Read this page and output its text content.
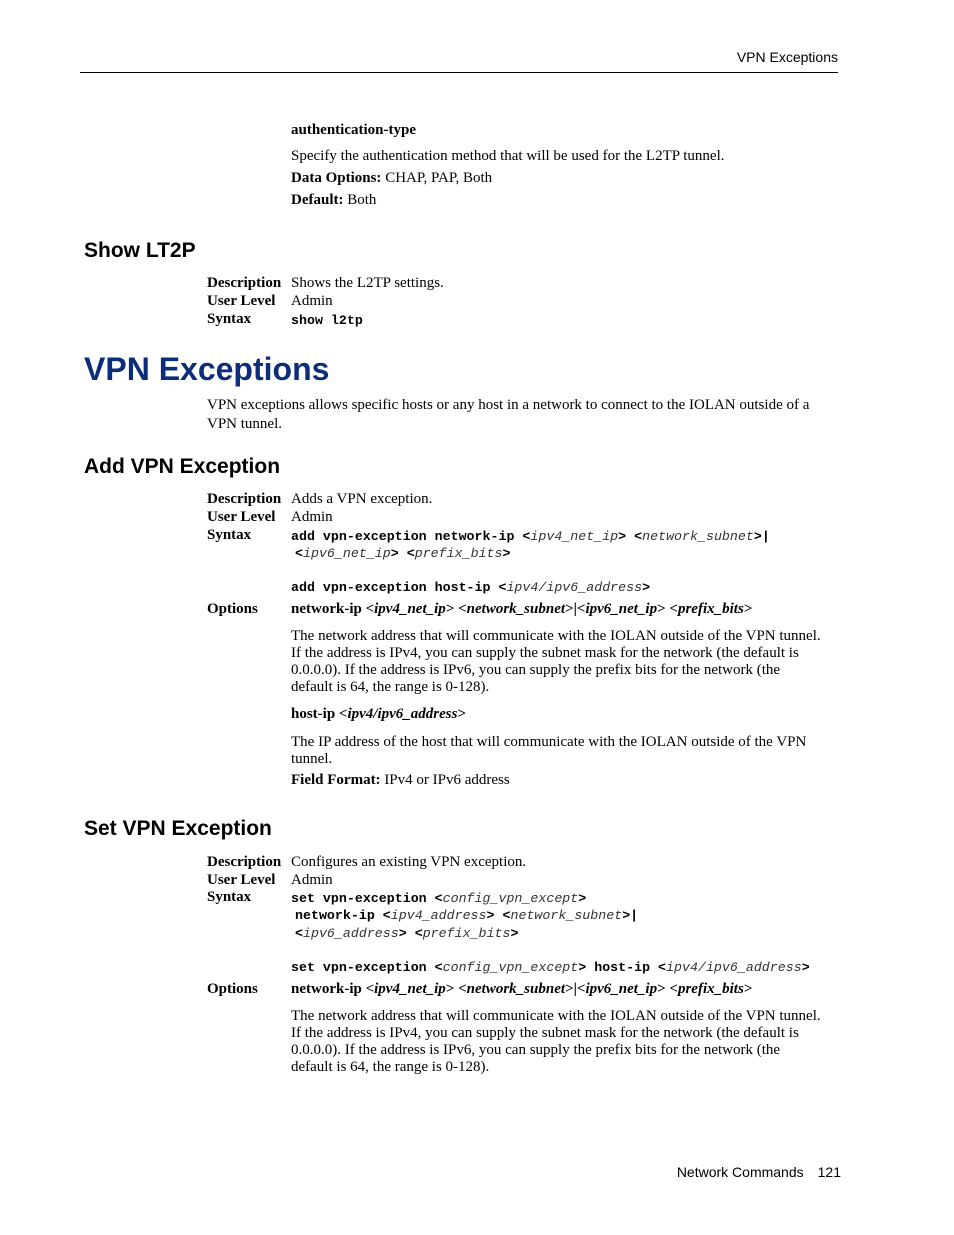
VPN Exceptions
authentication-type
Specify the authentication method that will be used for the L2TP tunnel.
Data Options: CHAP, PAP, Both
Default: Both
Show LT2P
Description Shows the L2TP settings.
User Level Admin
Syntax	show l2tp
VPN Exceptions
VPN exceptions allows specific hosts or any host in a network to connect to the IOLAN outside of a
VPN tunnel.
Add VPN Exception
Description Adds a VPN exception.
User Level Admin
Syntax	add vpn-exception network-ip <ipv4_net_ip> <network_subnet>|
<ipv6_net_ip> <prefix_bits>
add vpn-exception host-ip <ipv4/ipv6_address>
Options network-ip <ipv4_net_ip> <network_subnet>|<ipv6_net_ip> <prefix_bits>
The network address that will communicate with the IOLAN outside of the VPN tunnel.
If the address is IPv4, you can supply the subnet mask for the network (the default is
0.0.0.0). If the address is IPv6, you can supply the prefix bits for the network (the
default is 64, the range is 0-128).
host-ip <ipv4/ipv6_address>
The IP address of the host that will communicate with the IOLAN outside of the VPN
tunnel.
Field Format: IPv4 or IPv6 address
Set VPN Exception
Description Configures an existing VPN exception.
User Level Admin
Syntax	set vpn-exception <config_vpn_except>
network-ip <ipv4_address> <network_subnet>|
<ipv6_address> <prefix_bits>
set vpn-exception <config_vpn_except> host-ip <ipv4/ipv6_address>
Options network-ip <ipv4_net_ip> <network_subnet>|<ipv6_net_ip> <prefix_bits>
The network address that will communicate with the IOLAN outside of the VPN tunnel.
If the address is IPv4, you can supply the subnet mask for the network (the default is
0.0.0.0). If the address is IPv6, you can supply the prefix bits for the network (the
default is 64, the range is 0-128).
Network Commands 121
